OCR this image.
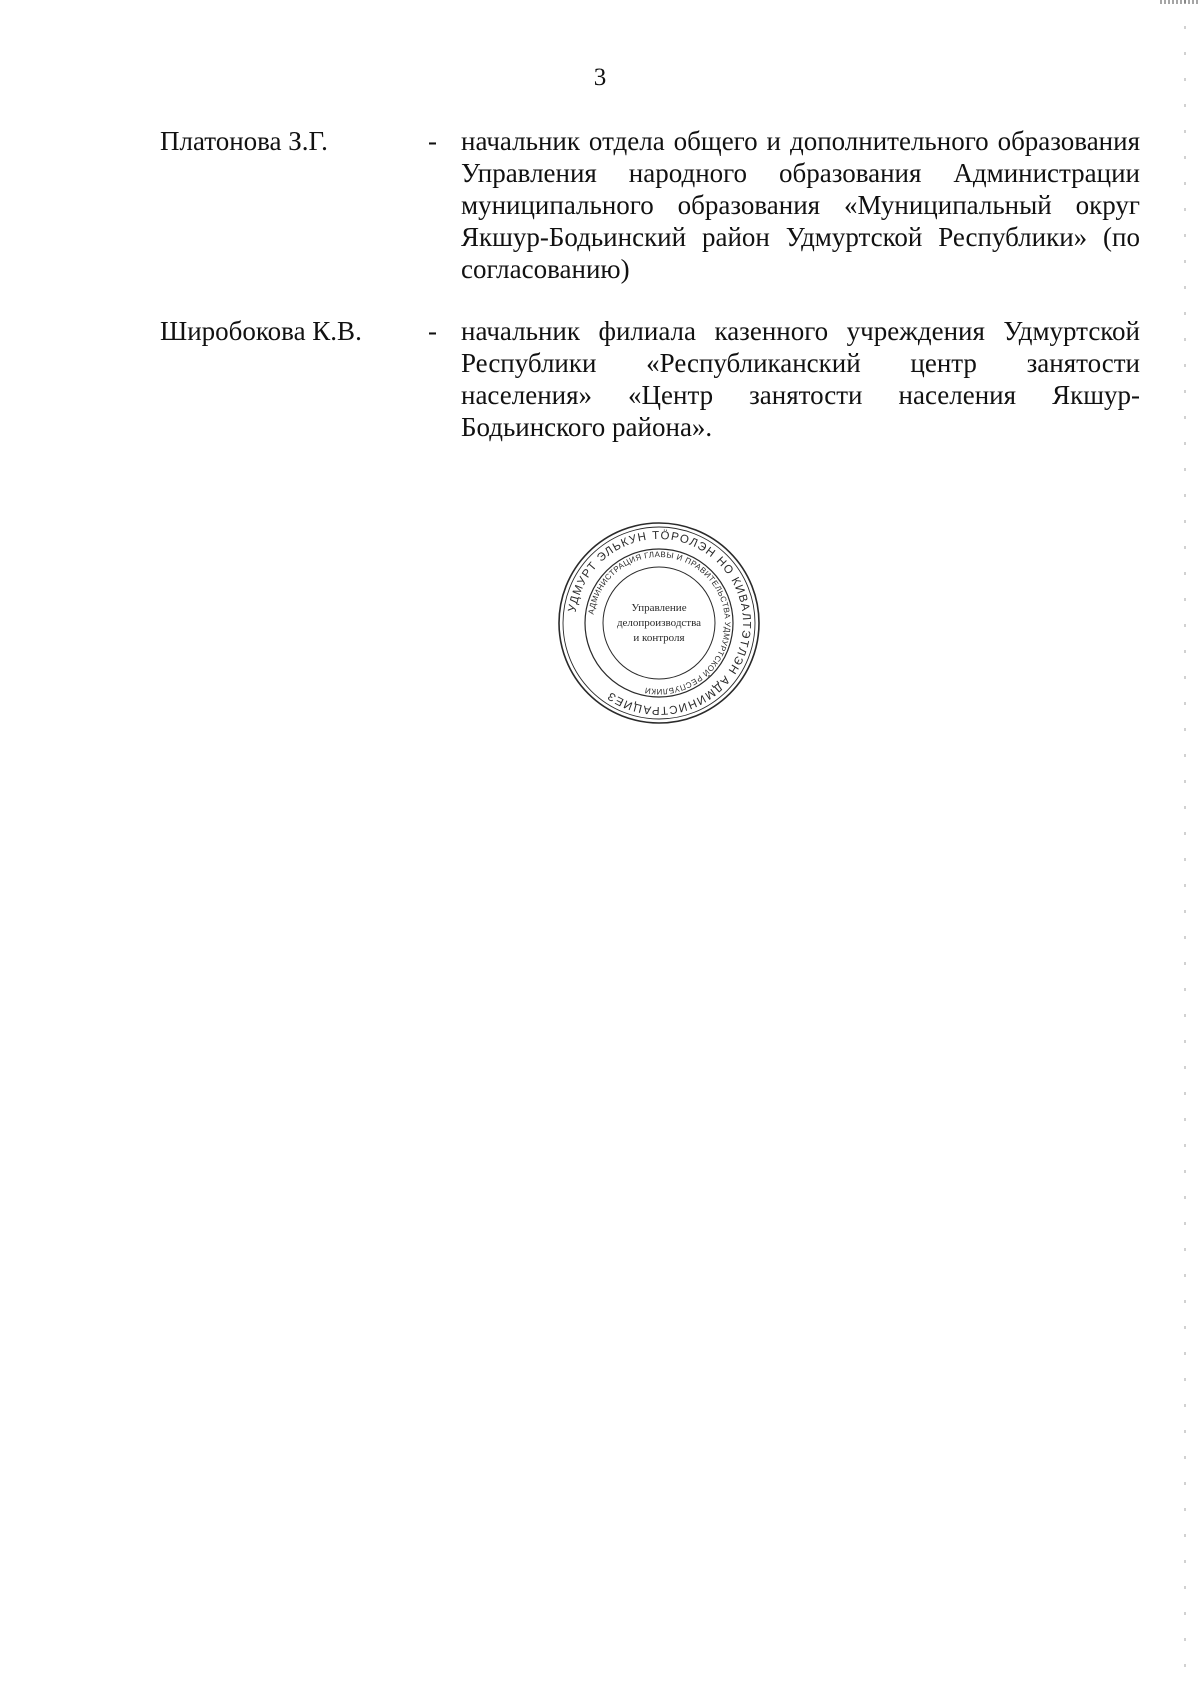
3
Платонова З.Г.	- начальник отдела общего и дополнительного образования Управления народного образования Администрации муниципального образования «Муниципальный округ Якшур-Бодьинский район Удмуртской Республики» (по согласованию)
Широбокова К.В.	- начальник филиала казенного учреждения Удмуртской Республики «Республиканский центр занятости населения» «Центр занятости населения Якшур-Бодьинского района».
УДМУРТ ЭЛЬКУН ТӦРОЛЭН НО КИВАЛТЭТЛЭН АДМИНИСТРАЦИЕЗ
АДМИНИСТРАЦИЯ ГЛАВЫ И ПРАВИТЕЛЬСТВА УДМУРТСКОЙ РЕСПУБЛИКИ
Управление
делопроизводства
и контроля
